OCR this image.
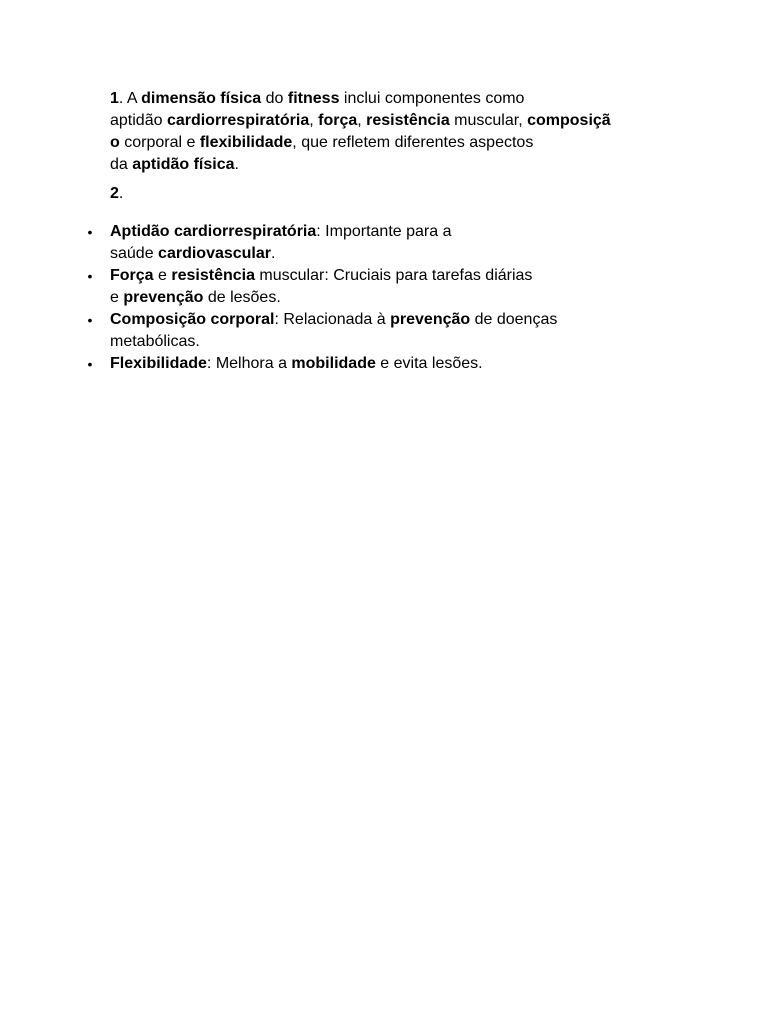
1. A dimensão física do fitness inclui componentes como
aptidão cardiorrespiratória, força, resistência muscular, composiçã
o corporal e flexibilidade, que refletem diferentes aspectos
da aptidão física.

2.

• Aptidão cardiorrespiratória: Importante para a
saúde cardiovascular.
• Força e resistência muscular: Cruciais para tarefas diárias
e prevenção de lesões.
• Composição corporal: Relacionada à prevenção de doenças
metabólicas.
• Flexibilidade: Melhora a mobilidade e evita lesões.
